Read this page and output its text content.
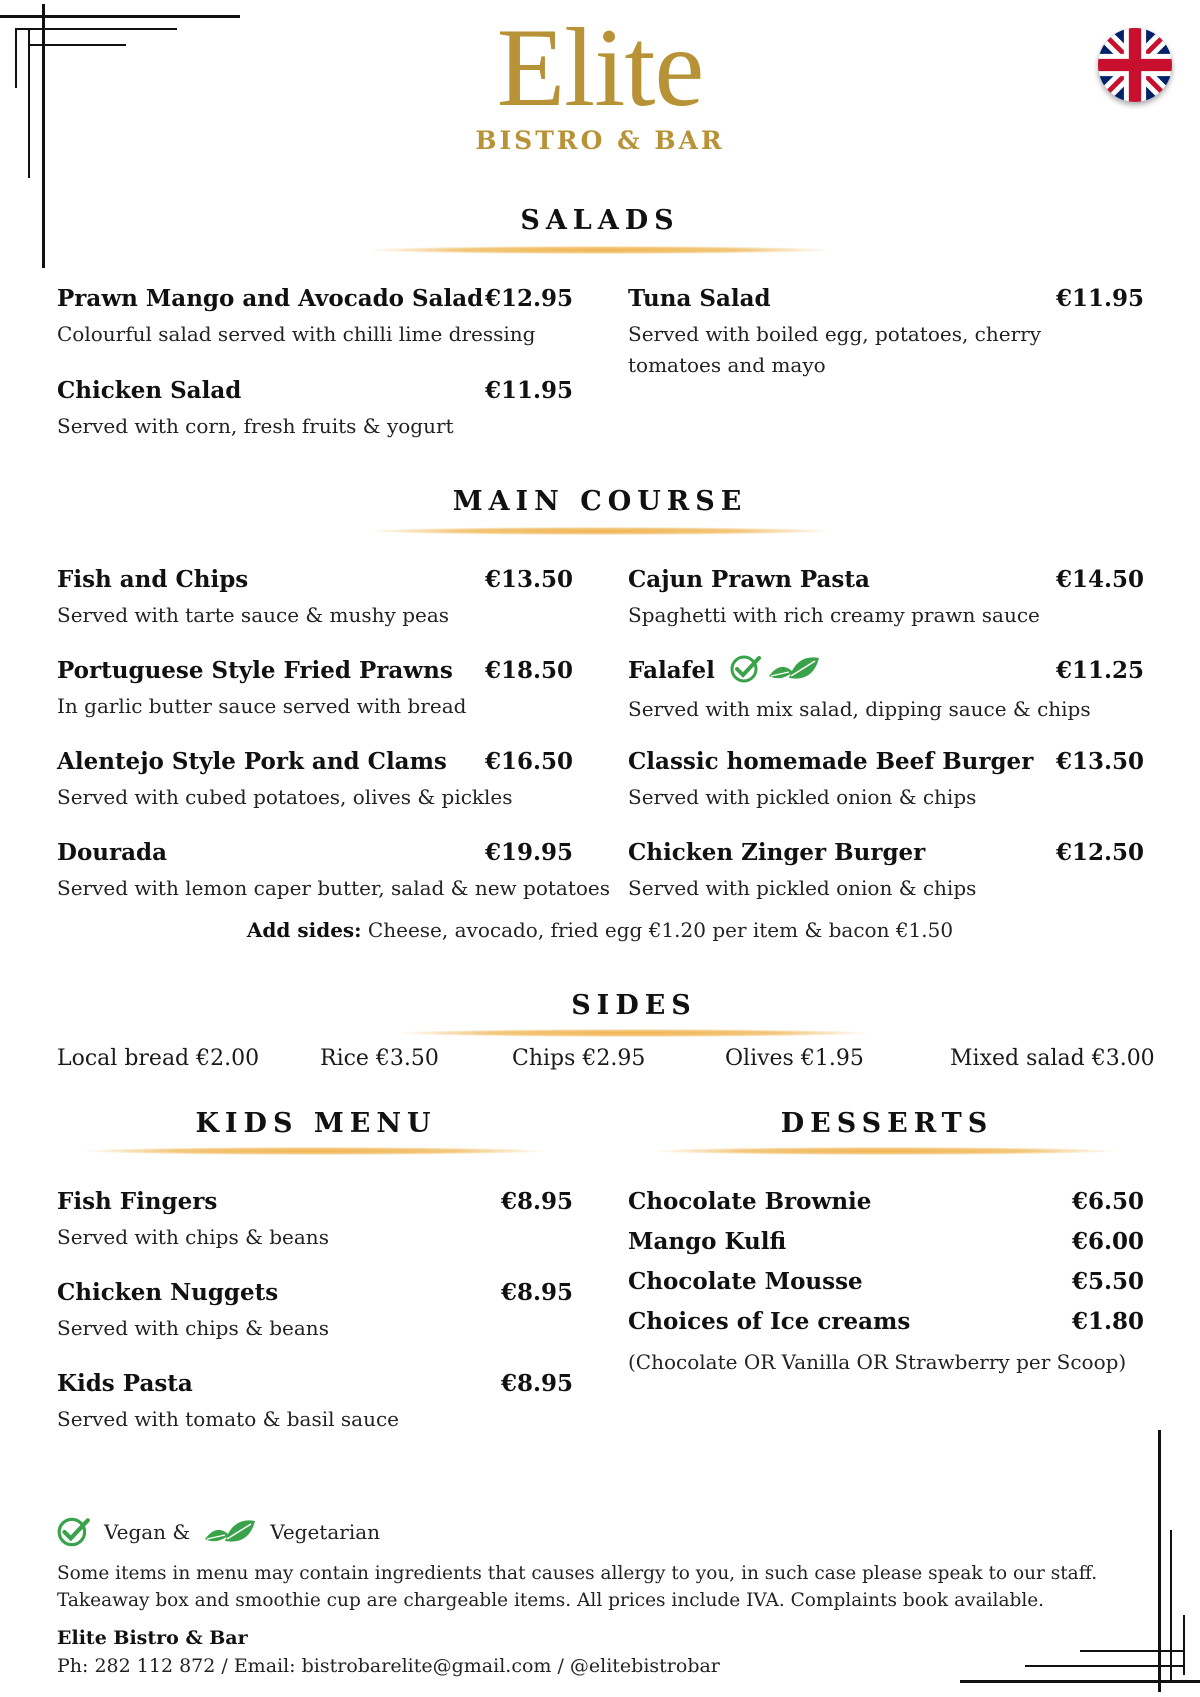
Elite
BISTRO & BAR
SALADS
Prawn Mango and Avocado Salad €12.95
Colourful salad served with chilli lime dressing
Chicken Salad	€11.95
Served with corn, fresh fruits & yogurt
Tuna Salad	€11.95
Served with boiled egg, potatoes, cherry tomatoes and mayo
MAIN COURSE
Fish and Chips	€13.50
Served with tarte sauce & mushy peas
Portuguese Style Fried Prawns €18.50
In garlic butter sauce served with bread
Alentejo Style Pork and Clams €16.50
Served with cubed potatoes, olives & pickles
Dourada	€19.95
Served with lemon caper butter, salad & new potatoes
Cajun Prawn Pasta	€14.50
Spaghetti with rich creamy prawn sauce
Falafel	€11.25
Served with mix salad, dipping sauce & chips
Classic homemade Beef Burger €13.50
Served with pickled onion & chips
Chicken Zinger Burger	€12.50
Served with pickled onion & chips
Add sides: Cheese, avocado, fried egg €1.20 per item & bacon €1.50
SIDES
Local bread €2.00	Rice €3.50	Chips €2.95	Olives €1.95	Mixed salad €3.00
KIDS MENU
Fish Fingers	€8.95
Served with chips & beans
Chicken Nuggets	€8.95
Served with chips & beans
Kids Pasta	€8.95
Served with tomato & basil sauce
DESSERTS
Chocolate Brownie	€6.50
Mango Kulfi	€6.00
Chocolate Mousse	€5.50
Choices of Ice creams	€1.80
(Chocolate OR Vanilla OR Strawberry per Scoop)
Vegan &	Vegetarian
Some items in menu may contain ingredients that causes allergy to you, in such case please speak to our staff. Takeaway box and smoothie cup are chargeable items. All prices include IVA. Complaints book available.
Elite Bistro & Bar
Ph: 282 112 872 / Email: bistrobarelite@gmail.com / @elitebistrobar
